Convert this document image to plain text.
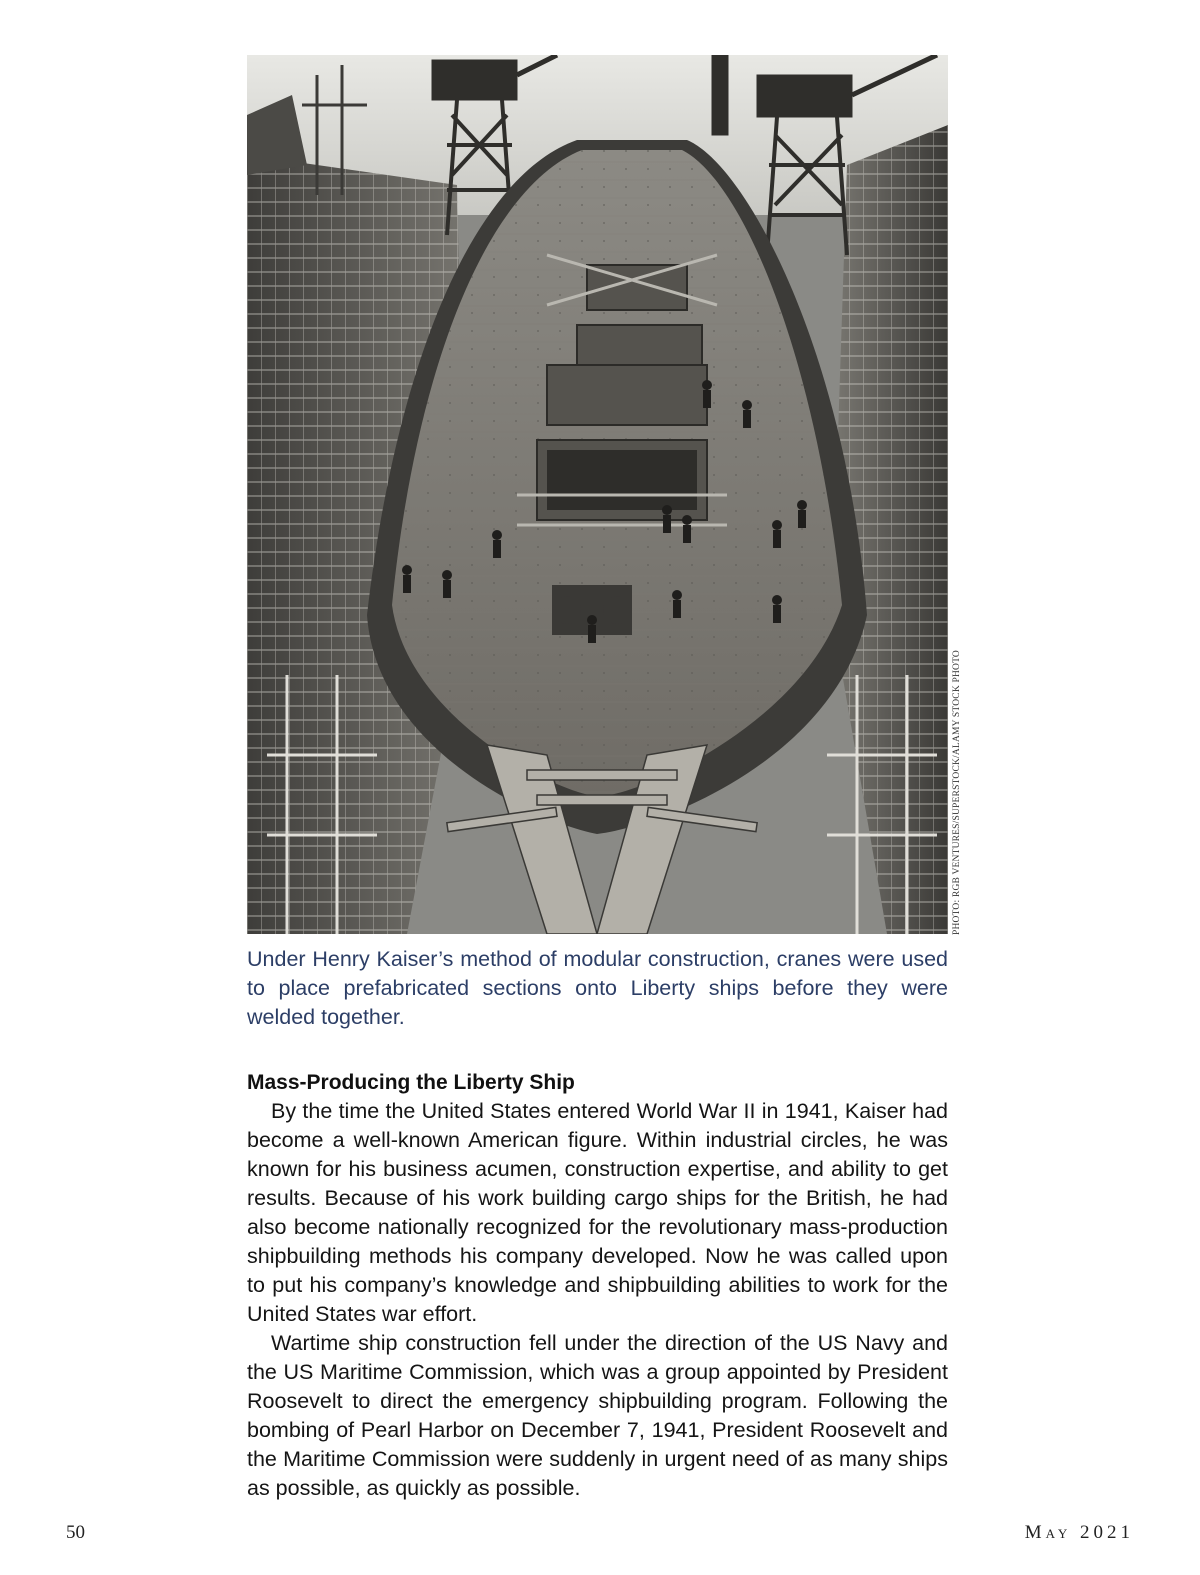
PHOTO: RGB VENTURES/SUPERSTOCK/ALAMY STOCK PHOTO

Under Henry Kaiser’s method of modular construction, cranes were used to place prefabricated sections onto Liberty ships before they were welded together.

Mass-Producing the Liberty Ship

By the time the United States entered World War II in 1941, Kaiser had become a well-known American figure. Within industrial circles, he was known for his business acumen, construction expertise, and ability to get results. Because of his work building cargo ships for the British, he had also become nationally recognized for the revolutionary mass-production shipbuilding methods his company developed. Now he was called upon to put his company’s knowledge and shipbuilding abilities to work for the United States war effort.

Wartime ship construction fell under the direction of the US Navy and the US Maritime Commission, which was a group appointed by President Roosevelt to direct the emergency shipbuilding program. Following the bombing of Pearl Harbor on December 7, 1941, President Roosevelt and the Maritime Commission were suddenly in urgent need of as many ships as possible, as quickly as possible.

50	May 2021
